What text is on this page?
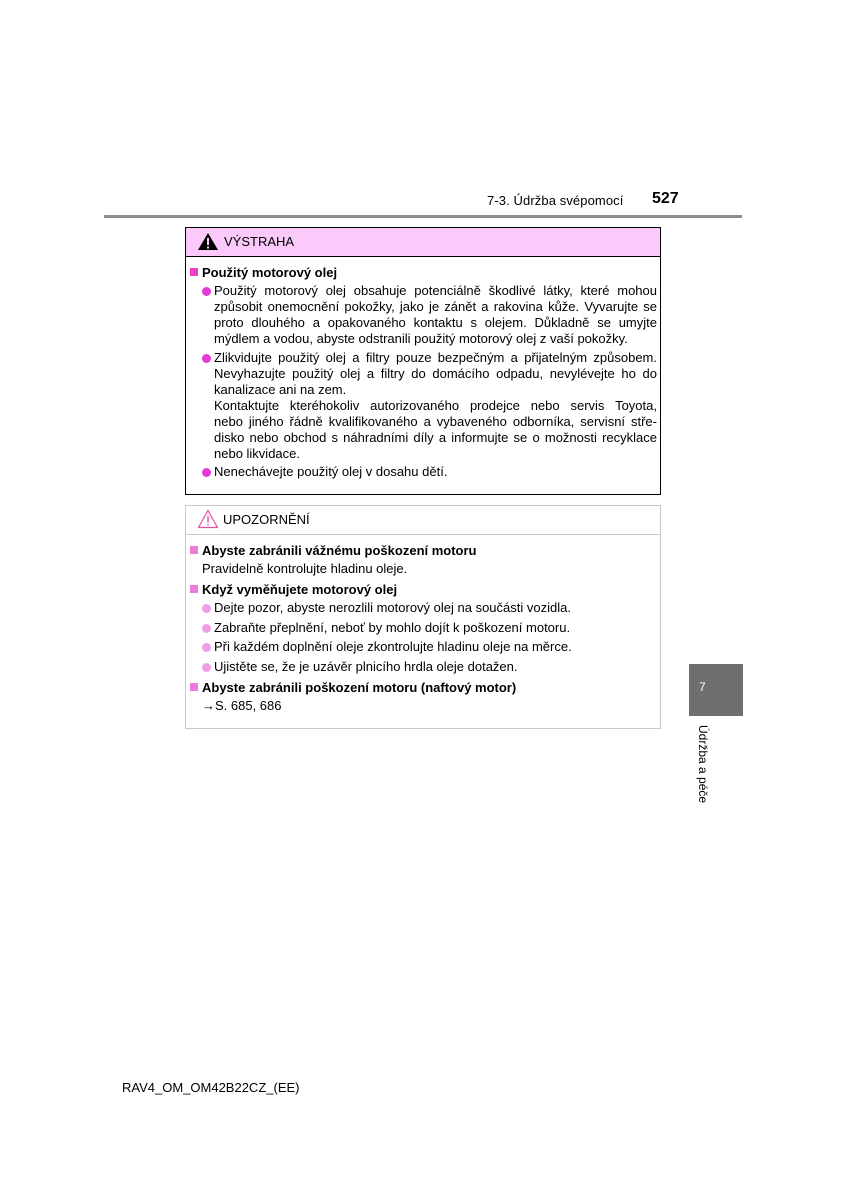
7-3. Údržba svépomocí 527
VÝSTRAHA
Použitý motorový olej
Použitý motorový olej obsahuje potenciálně škodlivé látky, které mohou
způsobit onemocnění pokožky, jako je zánět a rakovina kůže. Vyvarujte se
proto dlouhého a opakovaného kontaktu s olejem. Důkladně se umyjte
mýdlem a vodou, abyste odstranili použitý motorový olej z vaší pokožky.
Zlikvidujte použitý olej a filtry pouze bezpečným a přijatelným způsobem.
Nevyhazujte použitý olej a filtry do domácího odpadu, nevylévejte ho do
kanalizace ani na zem.
Kontaktujte kteréhokoliv autorizovaného prodejce nebo servis Toyota,
nebo jiného řádně kvalifikovaného a vybaveného odborníka, servisní stře-
disko nebo obchod s náhradními díly a informujte se o možnosti recyklace
nebo likvidace.
Nenechávejte použitý olej v dosahu dětí.
UPOZORNĚNÍ
Abyste zabránili vážnému poškození motoru
Pravidelně kontrolujte hladinu oleje.
Když vyměňujete motorový olej
Dejte pozor, abyste nerozlili motorový olej na součásti vozidla.
Zabraňte přeplnění, neboť by mohlo dojít k poškození motoru.
Při každém doplnění oleje zkontrolujte hladinu oleje na měrce.
Ujistěte se, že je uzávěr plnicího hrdla oleje dotažen.
Abyste zabránili poškození motoru (naftový motor)
→S. 685, 686
7
Údržba a péče
RAV4_OM_OM42B22CZ_(EE)
